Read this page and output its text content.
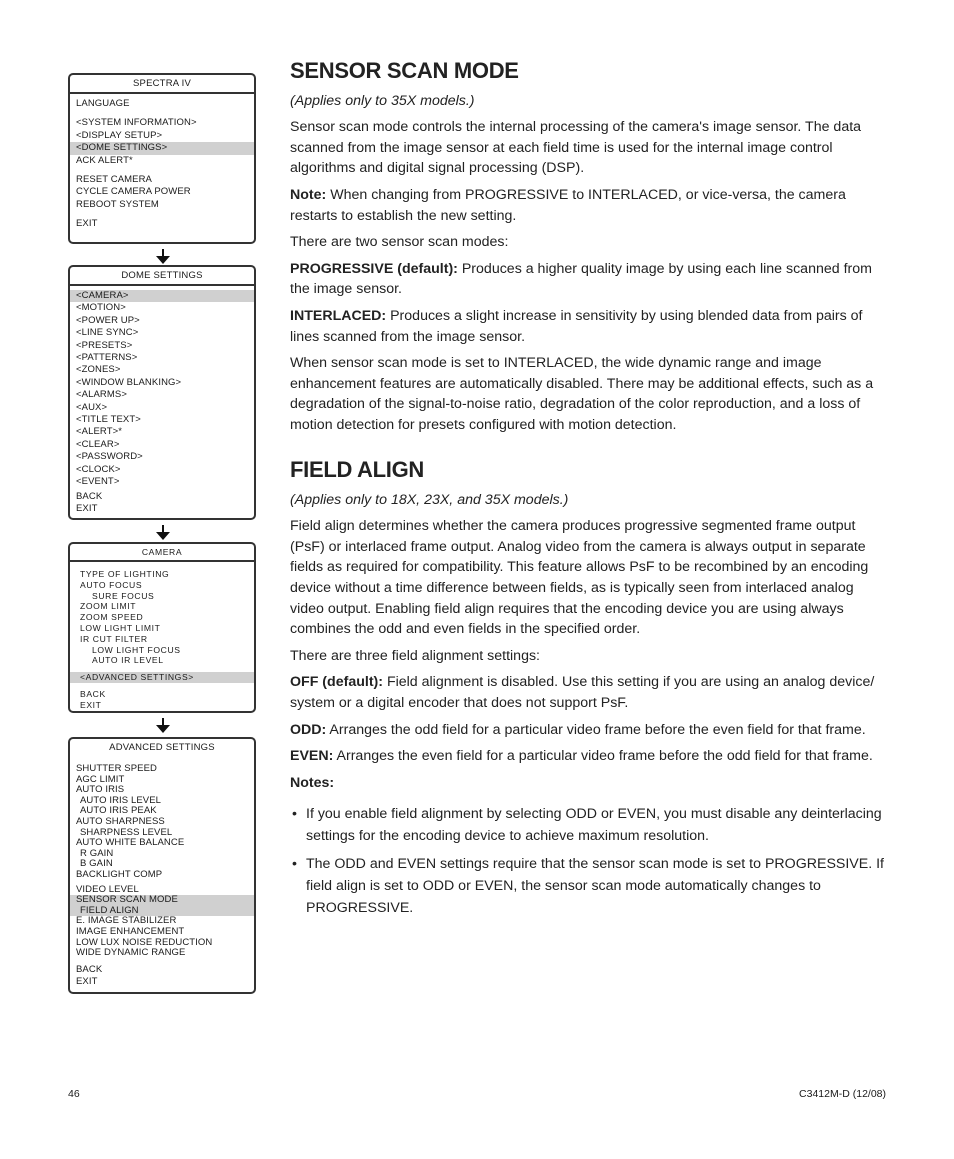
SPECTRA IV
LANGUAGE
<SYSTEM INFORMATION>
<DISPLAY SETUP>
<DOME SETTINGS>
ACK ALERT*
RESET CAMERA
CYCLE CAMERA POWER
REBOOT SYSTEM
EXIT
DOME SETTINGS
<CAMERA>
<MOTION>
<POWER UP>
<LINE SYNC>
<PRESETS>
<PATTERNS>
<ZONES>
<WINDOW BLANKING>
<ALARMS>
<AUX>
<TITLE TEXT>
<ALERT>*
<CLEAR>
<PASSWORD>
<CLOCK>
<EVENT>
BACK
EXIT
CAMERA
TYPE OF LIGHTING
AUTO FOCUS
SURE FOCUS
ZOOM LIMIT
ZOOM SPEED
LOW LIGHT LIMIT
IR CUT FILTER
LOW LIGHT FOCUS
AUTO IR LEVEL
<ADVANCED SETTINGS>
BACK
EXIT
ADVANCED SETTINGS
SHUTTER SPEED
AGC LIMIT
AUTO IRIS
AUTO IRIS LEVEL
AUTO IRIS PEAK
AUTO SHARPNESS
SHARPNESS LEVEL
AUTO WHITE BALANCE
R GAIN
B GAIN
BACKLIGHT COMP
VIDEO LEVEL
SENSOR SCAN MODE
FIELD ALIGN
E. IMAGE STABILIZER
IMAGE ENHANCEMENT
LOW LUX NOISE REDUCTION
WIDE DYNAMIC RANGE
BACK
EXIT
SENSOR SCAN MODE

(Applies only to 35X models.)

Sensor scan mode controls the internal processing of the camera's image sensor. The data scanned from the image sensor at each field time is used for the internal image control algorithms and digital signal processing (DSP).

Note: When changing from PROGRESSIVE to INTERLACED, or vice-versa, the camera restarts to establish the new setting.

There are two sensor scan modes:

PROGRESSIVE (default): Produces a higher quality image by using each line scanned from the image sensor.

INTERLACED: Produces a slight increase in sensitivity by using blended data from pairs of lines scanned from the image sensor.

When sensor scan mode is set to INTERLACED, the wide dynamic range and image enhancement features are automatically disabled. There may be additional effects, such as a degradation of the signal-to-noise ratio, degradation of the color reproduction, and a loss of motion detection for presets configured with motion detection.

FIELD ALIGN

(Applies only to 18X, 23X, and 35X models.)

Field align determines whether the camera produces progressive segmented frame output (PsF) or interlaced frame output. Analog video from the camera is always output in separate fields as required for compatibility. This feature allows PsF to be recombined by an encoding device without a time difference between fields, as is typically seen from interlaced analog video output. Enabling field align requires that the encoding device you are using always combines the odd and even fields in the specified order.

There are three field alignment settings:

OFF (default): Field alignment is disabled. Use this setting if you are using an analog device/ system or a digital encoder that does not support PsF.

ODD: Arranges the odd field for a particular video frame before the even field for that frame.

EVEN: Arranges the even field for a particular video frame before the odd field for that frame.

Notes:

• If you enable field alignment by selecting ODD or EVEN, you must disable any deinterlacing settings for the encoding device to achieve maximum resolution.
• The ODD and EVEN settings require that the sensor scan mode is set to PROGRESSIVE. If field align is set to ODD or EVEN, the sensor scan mode automatically changes to PROGRESSIVE.
46	C3412M-D (12/08)
